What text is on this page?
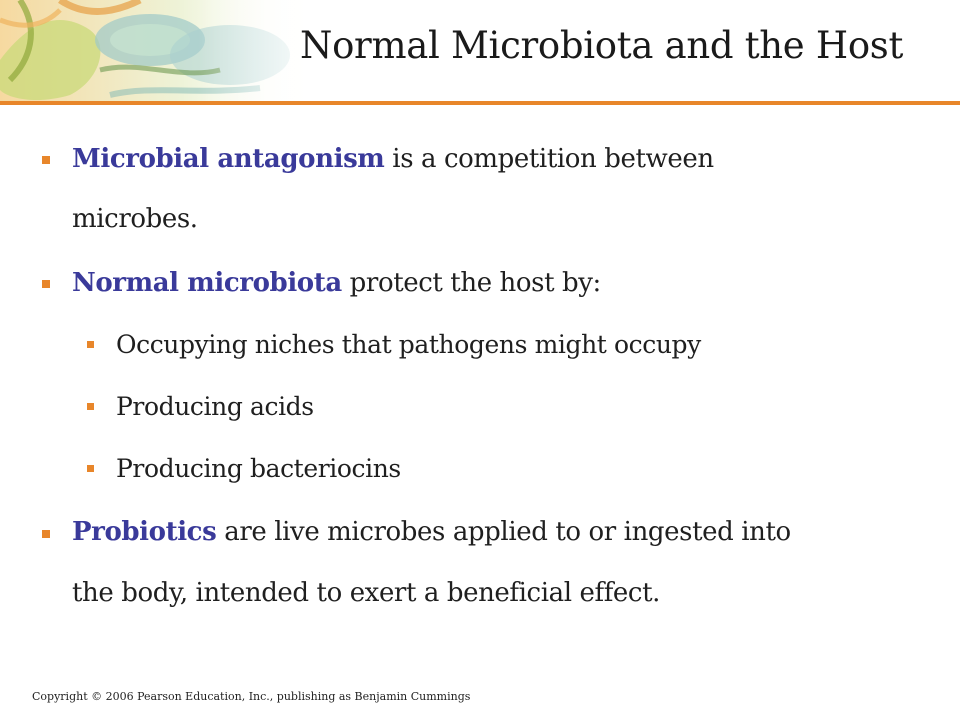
Normal Microbiota and the Host
Microbial antagonism is a competition between
microbes.
Normal microbiota protect the host by:
Occupying niches that pathogens might occupy
Producing acids
Producing bacteriocins
Probiotics are live microbes applied to or ingested into
the body, intended to exert a beneficial effect.
Copyright © 2006 Pearson Education, Inc., publishing as Benjamin Cummings
